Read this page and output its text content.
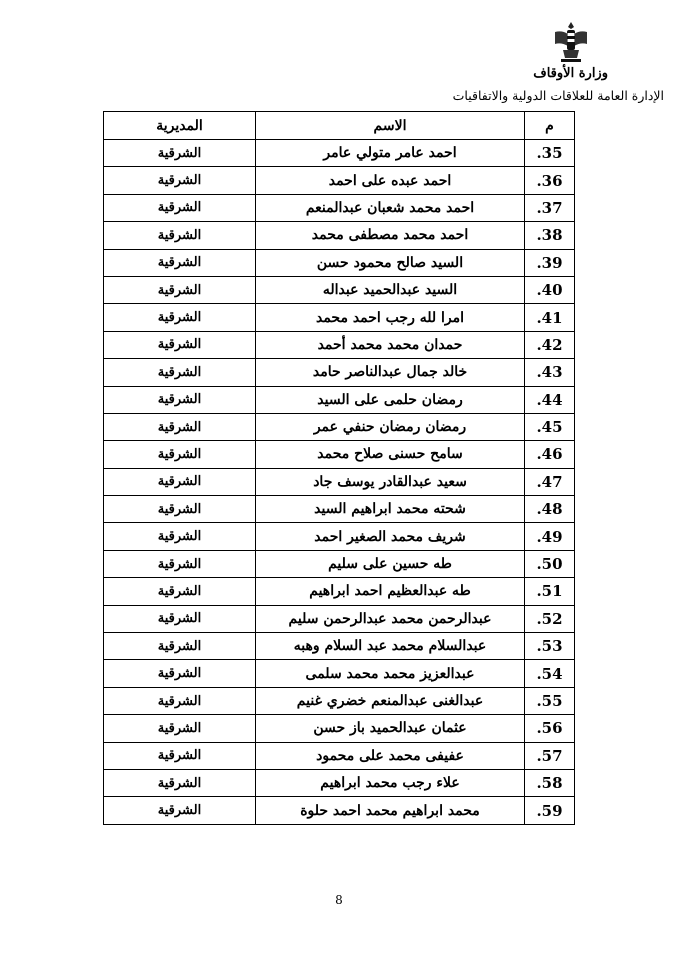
وزارة الأوقاف
الإدارة العامة للعلاقات الدولية والاتفاقيات
م	الاسم	المديرية
.35	احمد عامر متولي عامر	الشرقية
.36	احمد عبده على احمد	الشرقية
.37	احمد محمد شعبان عبدالمنعم	الشرقية
.38	احمد محمد مصطفى محمد	الشرقية
.39	السيد صالح محمود حسن	الشرقية
.40	السيد عبدالحميد عبداله	الشرقية
.41	امرا لله رجب احمد محمد	الشرقية
.42	حمدان محمد محمد أحمد	الشرقية
.43	خالد جمال عبدالناصر حامد	الشرقية
.44	رمضان حلمى على السيد	الشرقية
.45	رمضان رمضان حنفي عمر	الشرقية
.46	سامح حسنى صلاح محمد	الشرقية
.47	سعيد عبدالقادر يوسف جاد	الشرقية
.48	شحته محمد ابراهيم السيد	الشرقية
.49	شريف محمد الصغير احمد	الشرقية
.50	طه حسين على سليم	الشرقية
.51	طه عبدالعظيم احمد ابراهيم	الشرقية
.52	عبدالرحمن محمد عبدالرحمن سليم	الشرقية
.53	عبدالسلام محمد عبد السلام وهبه	الشرقية
.54	عبدالعزيز محمد محمد سلمى	الشرقية
.55	عبدالغنى عبدالمنعم خضري غنيم	الشرقية
.56	عثمان عبدالحميد باز حسن	الشرقية
.57	عفيفى محمد على محمود	الشرقية
.58	علاء رجب محمد ابراهيم	الشرقية
.59	محمد ابراهيم محمد احمد حلوة	الشرقية
8
